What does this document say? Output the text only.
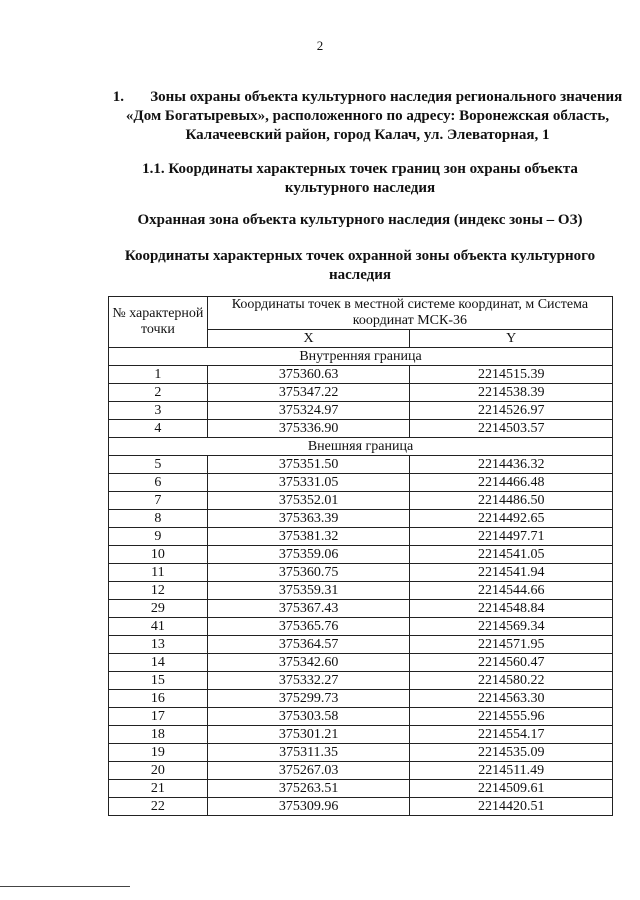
2
1.       Зоны охраны объекта культурного наследия регионального значения «Дом Богатыревых», расположенного по адресу: Воронежская область, Калачеевский район, город Калач, ул. Элеваторная, 1
1.1. Координаты характерных точек границ зон охраны объекта культурного наследия
Охранная зона объекта культурного наследия (индекс зоны – ОЗ)
Координаты характерных точек охранной зоны объекта культурного наследия
№ характерной точки	Координаты точек в местной системе координат, м Система координат МСК-36	
	X	Y
Внутренняя граница		
1	375360.63	2214515.39
2	375347.22	2214538.39
3	375324.97	2214526.97
4	375336.90	2214503.57
Внешняя граница		
5	375351.50	2214436.32
6	375331.05	2214466.48
7	375352.01	2214486.50
8	375363.39	2214492.65
9	375381.32	2214497.71
10	375359.06	2214541.05
11	375360.75	2214541.94
12	375359.31	2214544.66
29	375367.43	2214548.84
41	375365.76	2214569.34
13	375364.57	2214571.95
14	375342.60	2214560.47
15	375332.27	2214580.22
16	375299.73	2214563.30
17	375303.58	2214555.96
18	375301.21	2214554.17
19	375311.35	2214535.09
20	375267.03	2214511.49
21	375263.51	2214509.61
22	375309.96	2214420.51
